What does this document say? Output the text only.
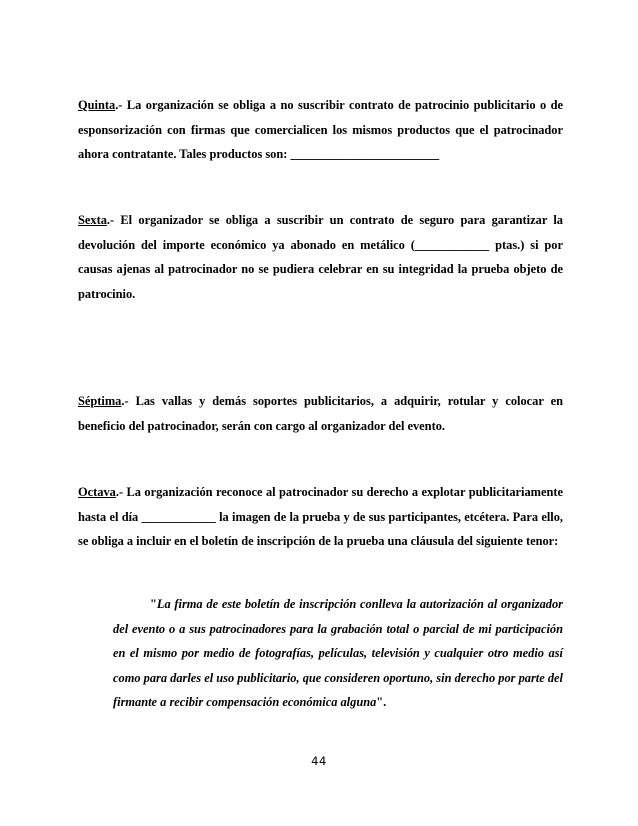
Quinta.- La organización se obliga a no suscribir contrato de patrocinio publicitario o de esponsorización con firmas que comercialicen los mismos productos que el patrocinador ahora contratante. Tales productos son: ________________________

Sexta.- El organizador se obliga a suscribir un contrato de seguro para garantizar la devolución del importe económico ya abonado en metálico (____________ ptas.) si por causas ajenas al patrocinador no se pudiera celebrar en su integridad la prueba objeto de patrocinio.

Séptima.- Las vallas y demás soportes publicitarios, a adquirir, rotular y colocar en beneficio del patrocinador, serán con cargo al organizador del evento.

Octava.- La organización reconoce al patrocinador su derecho a explotar publicitariamente hasta el día ____________ la imagen de la prueba y de sus participantes, etcétera. Para ello, se obliga a incluir en el boletín de inscripción de la prueba una cláusula del siguiente tenor:

"La firma de este boletín de inscripción conlleva la autorización al organizador del evento o a sus patrocinadores para la grabación total o parcial de mi participación en el mismo por medio de fotografías, películas, televisión y cualquier otro medio así como para darles el uso publicitario, que consideren oportuno, sin derecho por parte del firmante a recibir compensación económica alguna".

44
